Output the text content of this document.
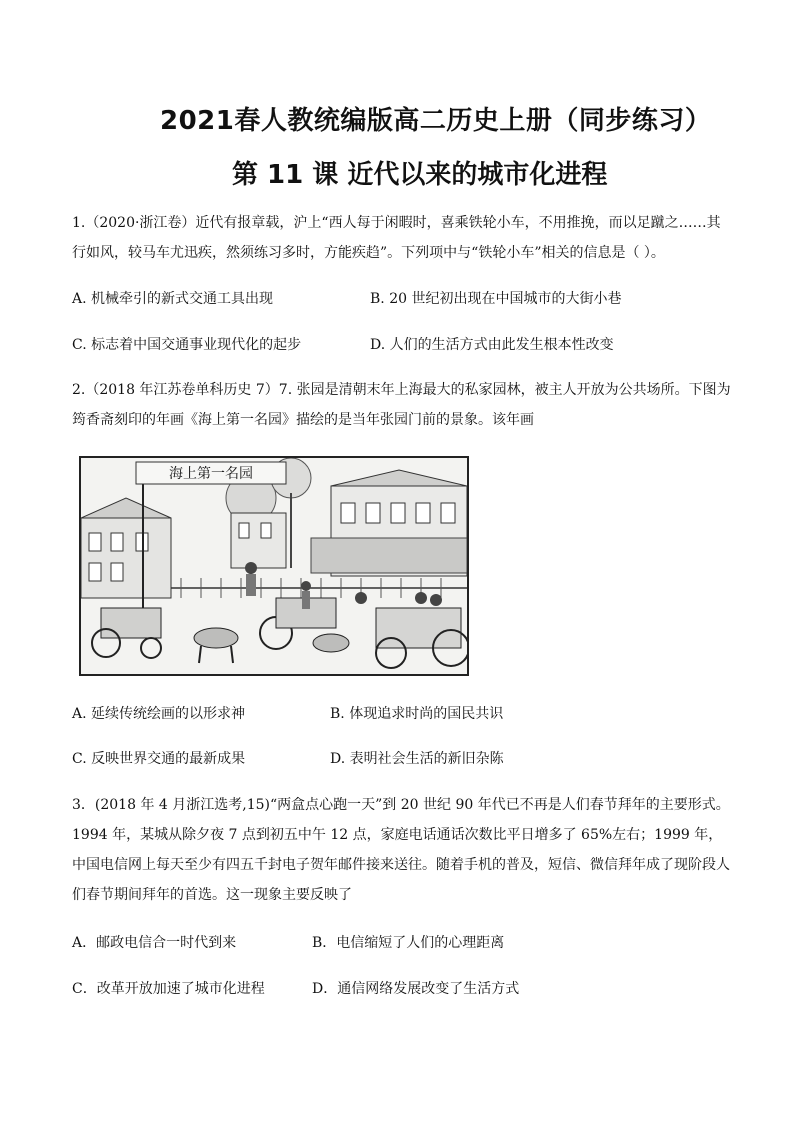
2021春人教统编版高二历史上册（同步练习）
第 11 课 近代以来的城市化进程
1.（2020·浙江卷）近代有报章载，沪上“西人每于闲暇时，喜乘铁轮小车，不用推挽，而以足蹴之……其行如风，较马车尤迅疾，然须练习多时，方能疾趋”。下列项中与“铁轮小车”相关的信息是（ ）。
A. 机械牵引的新式交通工具出现	B. 20 世纪初出现在中国城市的大街小巷
C. 标志着中国交通事业现代化的起步	D. 人们的生活方式由此发生根本性改变
2.（2018 年江苏卷单科历史 7）7. 张园是清朝末年上海最大的私家园林，被主人开放为公共场所。下图为筠香斋刻印的年画《海上第一名园》描绘的是当年张园门前的景象。该年画
海上第一名园
A. 延续传统绘画的以形求神	B. 体现追求时尚的国民共识
C. 反映世界交通的最新成果	D. 表明社会生活的新旧杂陈
3．(2018 年 4 月浙江选考,15)“两盒点心跑一天”到 20 世纪 90 年代已不再是人们春节拜年的主要形式。1994 年，某城从除夕夜 7 点到初五中午 12 点，家庭电话通话次数比平日增多了 65%左右；1999 年，中国电信网上每天至少有四五千封电子贺年邮件接来送往。随着手机的普及，短信、微信拜年成了现阶段人们春节期间拜年的首选。这一现象主要反映了
A．邮政电信合一时代到来	B．电信缩短了人们的心理距离
C．改革开放加速了城市化进程	D．通信网络发展改变了生活方式
